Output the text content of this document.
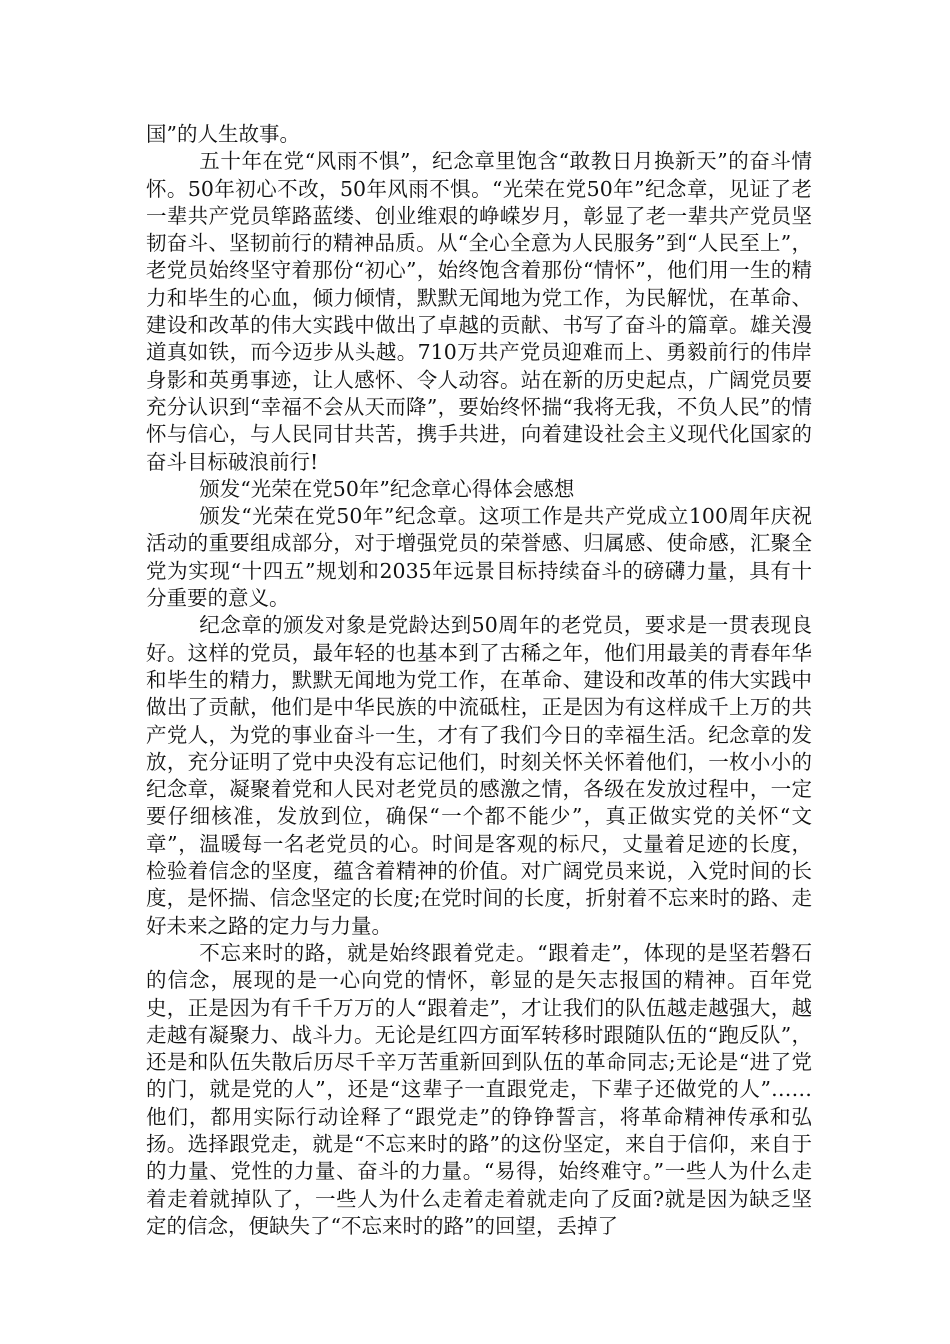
国”的人生故事。

五十年在党“风雨不惧”，纪念章里饱含“敢教日月换新天”的奋斗情怀。50年初心不改，50年风雨不惧。“光荣在党50年”纪念章，见证了老一辈共产党员筚路蓝缕、创业维艰的峥嵘岁月，彰显了老一辈共产党员坚韧奋斗、坚韧前行的精神品质。从“全心全意为人民服务”到“人民至上”，老党员始终坚守着那份“初心”，始终饱含着那份“情怀”，他们用一生的精力和毕生的心血，倾力倾情，默默无闻地为党工作，为民解忧，在革命、建设和改革的伟大实践中做出了卓越的贡献、书写了奋斗的篇章。雄关漫道真如铁，而今迈步从头越。710万共产党员迎难而上、勇毅前行的伟岸身影和英勇事迹，让人感怀、令人动容。站在新的历史起点，广阔党员要充分认识到“幸福不会从天而降”，要始终怀揣“我将无我，不负人民”的情怀与信心，与人民同甘共苦，携手共进，向着建设社会主义现代化国家的奋斗目标破浪前行!

颁发“光荣在党50年”纪念章心得体会感想

颁发“光荣在党50年”纪念章。这项工作是共产党成立100周年庆祝活动的重要组成部分，对于增强党员的荣誉感、归属感、使命感，汇聚全党为实现“十四五”规划和2035年远景目标持续奋斗的磅礴力量，具有十分重要的意义。

纪念章的颁发对象是党龄达到50周年的老党员，要求是一贯表现良好。这样的党员，最年轻的也基本到了古稀之年，他们用最美的青春年华和毕生的精力，默默无闻地为党工作，在革命、建设和改革的伟大实践中做出了贡献，他们是中华民族的中流砥柱，正是因为有这样成千上万的共产党人，为党的事业奋斗一生，才有了我们今日的幸福生活。纪念章的发放，充分证明了党中央没有忘记他们，时刻关怀关怀着他们，一枚小小的纪念章，凝聚着党和人民对老党员的感激之情，各级在发放过程中，一定要仔细核准，发放到位，确保“一个都不能少”，真正做实党的关怀“文章”，温暖每一名老党员的心。时间是客观的标尺，丈量着足迹的长度，检验着信念的坚度，蕴含着精神的价值。对广阔党员来说，入党时间的长度，是怀揣、信念坚定的长度;在党时间的长度，折射着不忘来时的路、走好未来之路的定力与力量。

不忘来时的路，就是始终跟着党走。“跟着走”，体现的是坚若磐石的信念，展现的是一心向党的情怀，彰显的是矢志报国的精神。百年党史，正是因为有千千万万的人“跟着走”，才让我们的队伍越走越强大，越走越有凝聚力、战斗力。无论是红四方面军转移时跟随队伍的“跑反队”，还是和队伍失散后历尽千辛万苦重新回到队伍的革命同志;无论是“进了党的门，就是党的人”，还是“这辈子一直跟党走，下辈子还做党的人”……他们，都用实际行动诠释了“跟党走”的铮铮誓言，将革命精神传承和弘扬。选择跟党走，就是“不忘来时的路”的这份坚定，来自于信仰，来自于的力量、党性的力量、奋斗的力量。“易得，始终难守。”一些人为什么走着走着就掉队了，一些人为什么走着走着就走向了反面?就是因为缺乏坚定的信念，便缺失了“不忘来时的路”的回望，丢掉了
